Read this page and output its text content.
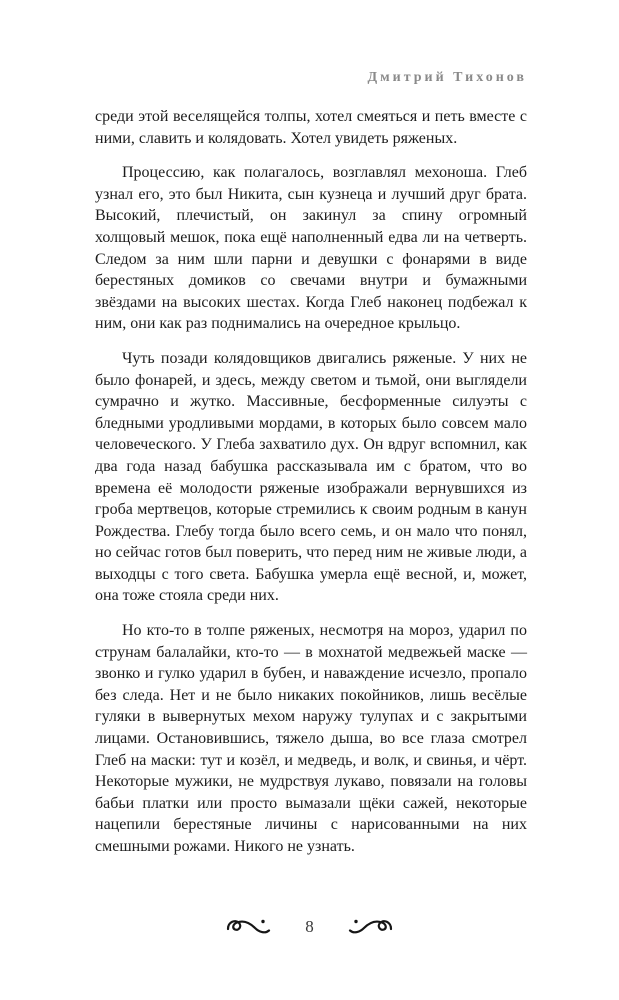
Дмитрий Тихонов

среди этой веселящейся толпы, хотел смеяться и петь вместе с ними, славить и колядовать. Хотел увидеть ряженых.

Процессию, как полагалось, возглавлял мехоноша. Глеб узнал его, это был Никита, сын кузнеца и лучший друг брата. Высокий, плечистый, он закинул за спину огромный холщовый мешок, пока ещё наполненный едва ли на четверть. Следом за ним шли парни и девушки с фонарями в виде берестяных домиков со свечами внутри и бумажными звёздами на высоких шестах. Когда Глеб наконец подбежал к ним, они как раз поднимались на очередное крыльцо.

Чуть позади колядовщиков двигались ряженые. У них не было фонарей, и здесь, между светом и тьмой, они выглядели сумрачно и жутко. Массивные, бесформенные силуэты с бледными уродливыми мордами, в которых было совсем мало человеческого. У Глеба захватило дух. Он вдруг вспомнил, как два года назад бабушка рассказывала им с братом, что во времена её молодости ряженые изображали вернувшихся из гроба мертвецов, которые стремились к своим родным в канун Рождества. Глебу тогда было всего семь, и он мало что понял, но сейчас готов был поверить, что перед ним не живые люди, а выходцы с того света. Бабушка умерла ещё весной, и, может, она тоже стояла среди них.

Но кто-то в толпе ряженых, несмотря на мороз, ударил по струнам балалайки, кто-то — в мохнатой медвежьей маске — звонко и гулко ударил в бубен, и наваждение исчезло, пропало без следа. Нет и не было никаких покойников, лишь весёлые гуляки в вывернутых мехом наружу тулупах и с закрытыми лицами. Остановившись, тяжело дыша, во все глаза смотрел Глеб на маски: тут и козёл, и медведь, и волк, и свинья, и чёрт. Некоторые мужики, не мудрствуя лукаво, повязали на головы бабьи платки или просто вымазали щёки сажей, некоторые нацепили берестяные личины с нарисованными на них смешными рожами. Никого не узнать.

8
